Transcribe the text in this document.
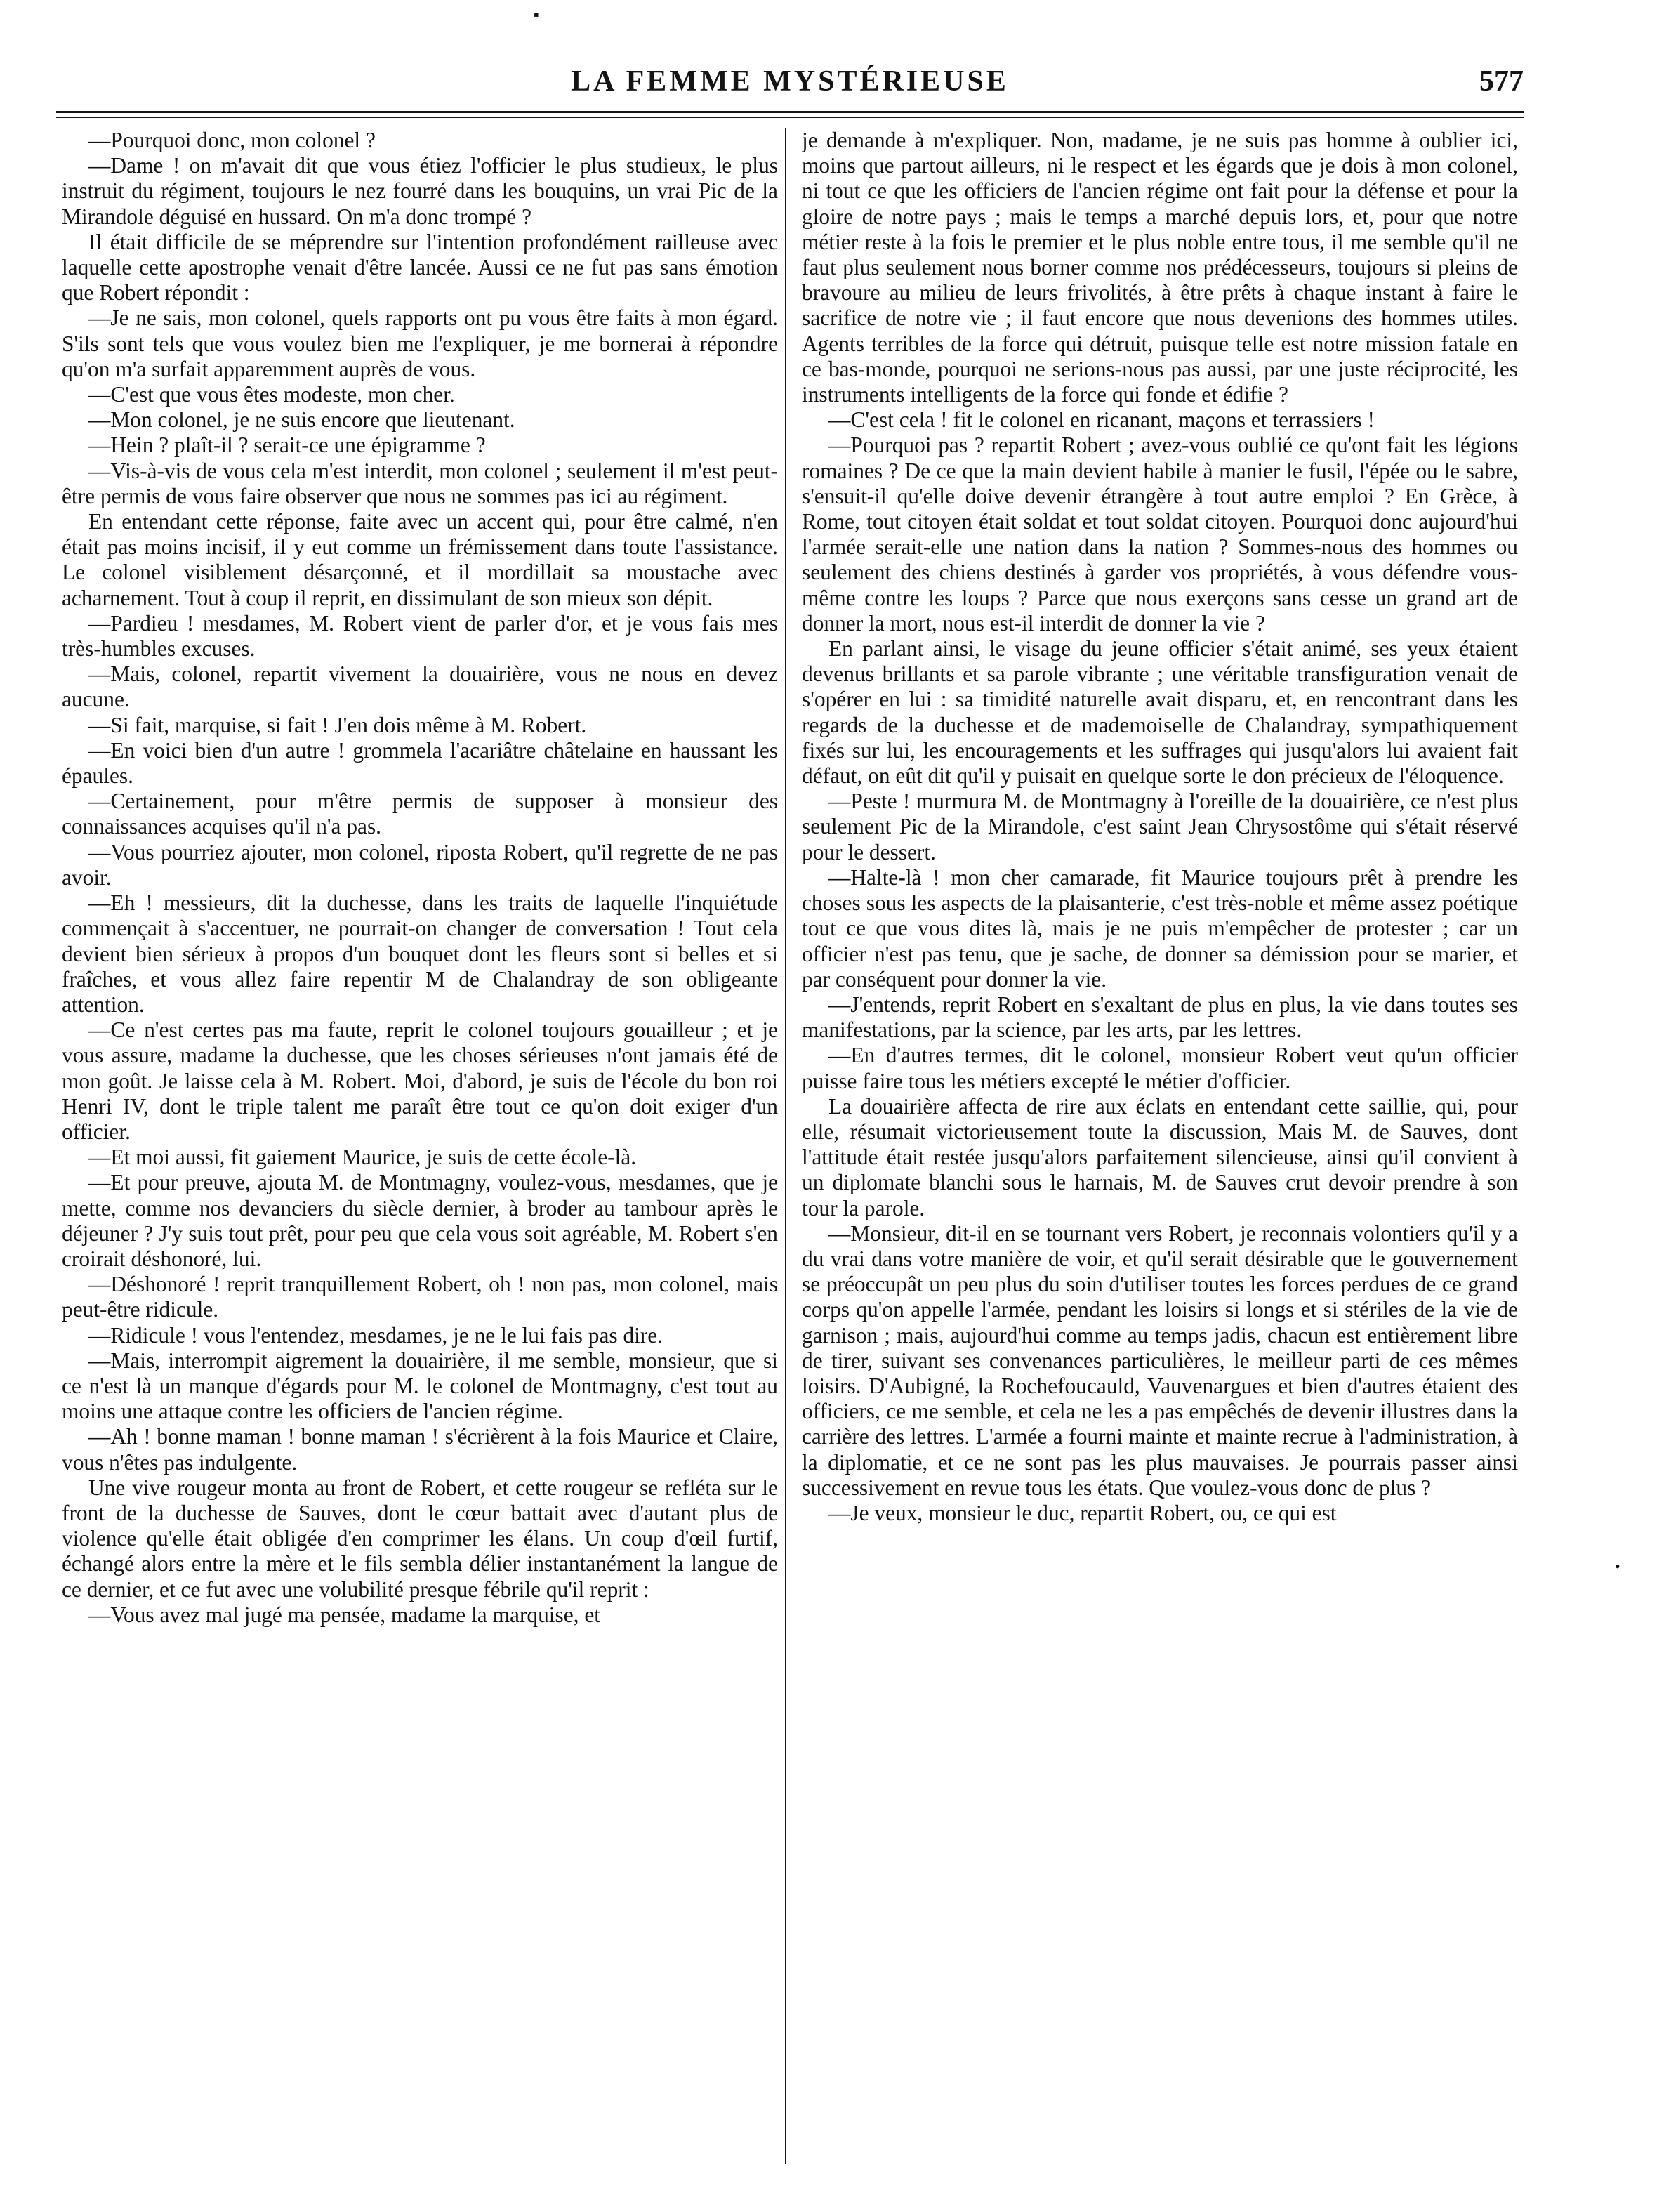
LA FEMME MYSTÉRIEUSE	577

—Pourquoi donc, mon colonel ?

—Dame ! on m'avait dit que vous étiez l'officier le plus studieux, le plus instruit du régiment, toujours le nez fourré dans les bouquins, un vrai Pic de la Mirandole déguisé en hussard. On m'a donc trompé ?

Il était difficile de se méprendre sur l'intention profondément railleuse avec laquelle cette apostrophe venait d'être lancée. Aussi ce ne fut pas sans émotion que Robert répondit :

—Je ne sais, mon colonel, quels rapports ont pu vous être faits à mon égard. S'ils sont tels que vous voulez bien me l'expliquer, je me bornerai à répondre qu'on m'a surfait apparemment auprès de vous.

—C'est que vous êtes modeste, mon cher.

—Mon colonel, je ne suis encore que lieutenant.

—Hein ? plaît-il ? serait-ce une épigramme ?

—Vis-à-vis de vous cela m'est interdit, mon colonel ; seulement il m'est peut-être permis de vous faire observer que nous ne sommes pas ici au régiment.

En entendant cette réponse, faite avec un accent qui, pour être calmé, n'en était pas moins incisif, il y eut comme un frémissement dans toute l'assistance. Le colonel visiblement désarçonné, et il mordillait sa moustache avec acharnement. Tout à coup il reprit, en dissimulant de son mieux son dépit.

—Pardieu ! mesdames, M. Robert vient de parler d'or, et je vous fais mes très-humbles excuses.

—Mais, colonel, repartit vivement la douairière, vous ne nous en devez aucune.

—Si fait, marquise, si fait ! J'en dois même à M. Robert.

—En voici bien d'un autre ! grommela l'acariâtre châtelaine en haussant les épaules.

—Certainement, pour m'être permis de supposer à monsieur des connaissances acquises qu'il n'a pas.

—Vous pourriez ajouter, mon colonel, riposta Robert, qu'il regrette de ne pas avoir.

—Eh ! messieurs, dit la duchesse, dans les traits de laquelle l'inquiétude commençait à s'accentuer, ne pourrait-on changer de conversation ! Tout cela devient bien sérieux à propos d'un bouquet dont les fleurs sont si belles et si fraîches, et vous allez faire repentir M de Chalandray de son obligeante attention.

—Ce n'est certes pas ma faute, reprit le colonel toujours gouailleur ; et je vous assure, madame la duchesse, que les choses sérieuses n'ont jamais été de mon goût. Je laisse cela à M. Robert. Moi, d'abord, je suis de l'école du bon roi Henri IV, dont le triple talent me paraît être tout ce qu'on doit exiger d'un officier.

—Et moi aussi, fit gaiement Maurice, je suis de cette école-là.

—Et pour preuve, ajouta M. de Montmagny, voulez-vous, mesdames, que je mette, comme nos devanciers du siècle dernier, à broder au tambour après le déjeuner ? J'y suis tout prêt, pour peu que cela vous soit agréable, M. Robert s'en croirait déshonoré, lui.

—Déshonoré ! reprit tranquillement Robert, oh ! non pas, mon colonel, mais peut-être ridicule.

—Ridicule ! vous l'entendez, mesdames, je ne le lui fais pas dire.

—Mais, interrompit aigrement la douairière, il me semble, monsieur, que si ce n'est là un manque d'égards pour M. le colonel de Montmagny, c'est tout au moins une attaque contre les officiers de l'ancien régime.

—Ah ! bonne maman ! bonne maman ! s'écrièrent à la fois Maurice et Claire, vous n'êtes pas indulgente.

Une vive rougeur monta au front de Robert, et cette rougeur se refléta sur le front de la duchesse de Sauves, dont le cœur battait avec d'autant plus de violence qu'elle était obligée d'en comprimer les élans. Un coup d'œil furtif, échangé alors entre la mère et le fils sembla délier instantanément la langue de ce dernier, et ce fut avec une volubilité presque fébrile qu'il reprit :

—Vous avez mal jugé ma pensée, madame la marquise, et

je demande à m'expliquer. Non, madame, je ne suis pas homme à oublier ici, moins que partout ailleurs, ni le respect et les égards que je dois à mon colonel, ni tout ce que les officiers de l'ancien régime ont fait pour la défense et pour la gloire de notre pays ; mais le temps a marché depuis lors, et, pour que notre métier reste à la fois le premier et le plus noble entre tous, il me semble qu'il ne faut plus seulement nous borner comme nos prédécesseurs, toujours si pleins de bravoure au milieu de leurs frivolités, à être prêts à chaque instant à faire le sacrifice de notre vie ; il faut encore que nous devenions des hommes utiles. Agents terribles de la force qui détruit, puisque telle est notre mission fatale en ce bas-monde, pourquoi ne serions-nous pas aussi, par une juste réciprocité, les instruments intelligents de la force qui fonde et édifie ?

—C'est cela ! fit le colonel en ricanant, maçons et terrassiers !

—Pourquoi pas ? repartit Robert ; avez-vous oublié ce qu'ont fait les légions romaines ? De ce que la main devient habile à manier le fusil, l'épée ou le sabre, s'ensuit-il qu'elle doive devenir étrangère à tout autre emploi ? En Grèce, à Rome, tout citoyen était soldat et tout soldat citoyen. Pourquoi donc aujourd'hui l'armée serait-elle une nation dans la nation ? Sommes-nous des hommes ou seulement des chiens destinés à garder vos propriétés, à vous défendre vous-même contre les loups ? Parce que nous exerçons sans cesse un grand art de donner la mort, nous est-il interdit de donner la vie ?

En parlant ainsi, le visage du jeune officier s'était animé, ses yeux étaient devenus brillants et sa parole vibrante ; une véritable transfiguration venait de s'opérer en lui : sa timidité naturelle avait disparu, et, en rencontrant dans les regards de la duchesse et de mademoiselle de Chalandray, sympathiquement fixés sur lui, les encouragements et les suffrages qui jusqu'alors lui avaient fait défaut, on eût dit qu'il y puisait en quelque sorte le don précieux de l'éloquence.

—Peste ! murmura M. de Montmagny à l'oreille de la douairière, ce n'est plus seulement Pic de la Mirandole, c'est saint Jean Chrysostôme qui s'était réservé pour le dessert.

—Halte-là ! mon cher camarade, fit Maurice toujours prêt à prendre les choses sous les aspects de la plaisanterie, c'est très-noble et même assez poétique tout ce que vous dites là, mais je ne puis m'empêcher de protester ; car un officier n'est pas tenu, que je sache, de donner sa démission pour se marier, et par conséquent pour donner la vie.

—J'entends, reprit Robert en s'exaltant de plus en plus, la vie dans toutes ses manifestations, par la science, par les arts, par les lettres.

—En d'autres termes, dit le colonel, monsieur Robert veut qu'un officier puisse faire tous les métiers excepté le métier d'officier.

La douairière affecta de rire aux éclats en entendant cette saillie, qui, pour elle, résumait victorieusement toute la discussion, Mais M. de Sauves, dont l'attitude était restée jusqu'alors parfaitement silencieuse, ainsi qu'il convient à un diplomate blanchi sous le harnais, M. de Sauves crut devoir prendre à son tour la parole.

—Monsieur, dit-il en se tournant vers Robert, je reconnais volontiers qu'il y a du vrai dans votre manière de voir, et qu'il serait désirable que le gouvernement se préoccupât un peu plus du soin d'utiliser toutes les forces perdues de ce grand corps qu'on appelle l'armée, pendant les loisirs si longs et si stériles de la vie de garnison ; mais, aujourd'hui comme au temps jadis, chacun est entièrement libre de tirer, suivant ses convenances particulières, le meilleur parti de ces mêmes loisirs. D'Aubigné, la Rochefoucauld, Vauvenargues et bien d'autres étaient des officiers, ce me semble, et cela ne les a pas empêchés de devenir illustres dans la carrière des lettres. L'armée a fourni mainte et mainte recrue à l'administration, à la diplomatie, et ce ne sont pas les plus mauvaises. Je pourrais passer ainsi successivement en revue tous les états. Que voulez-vous donc de plus ?

—Je veux, monsieur le duc, repartit Robert, ou, ce qui est

▪
•
